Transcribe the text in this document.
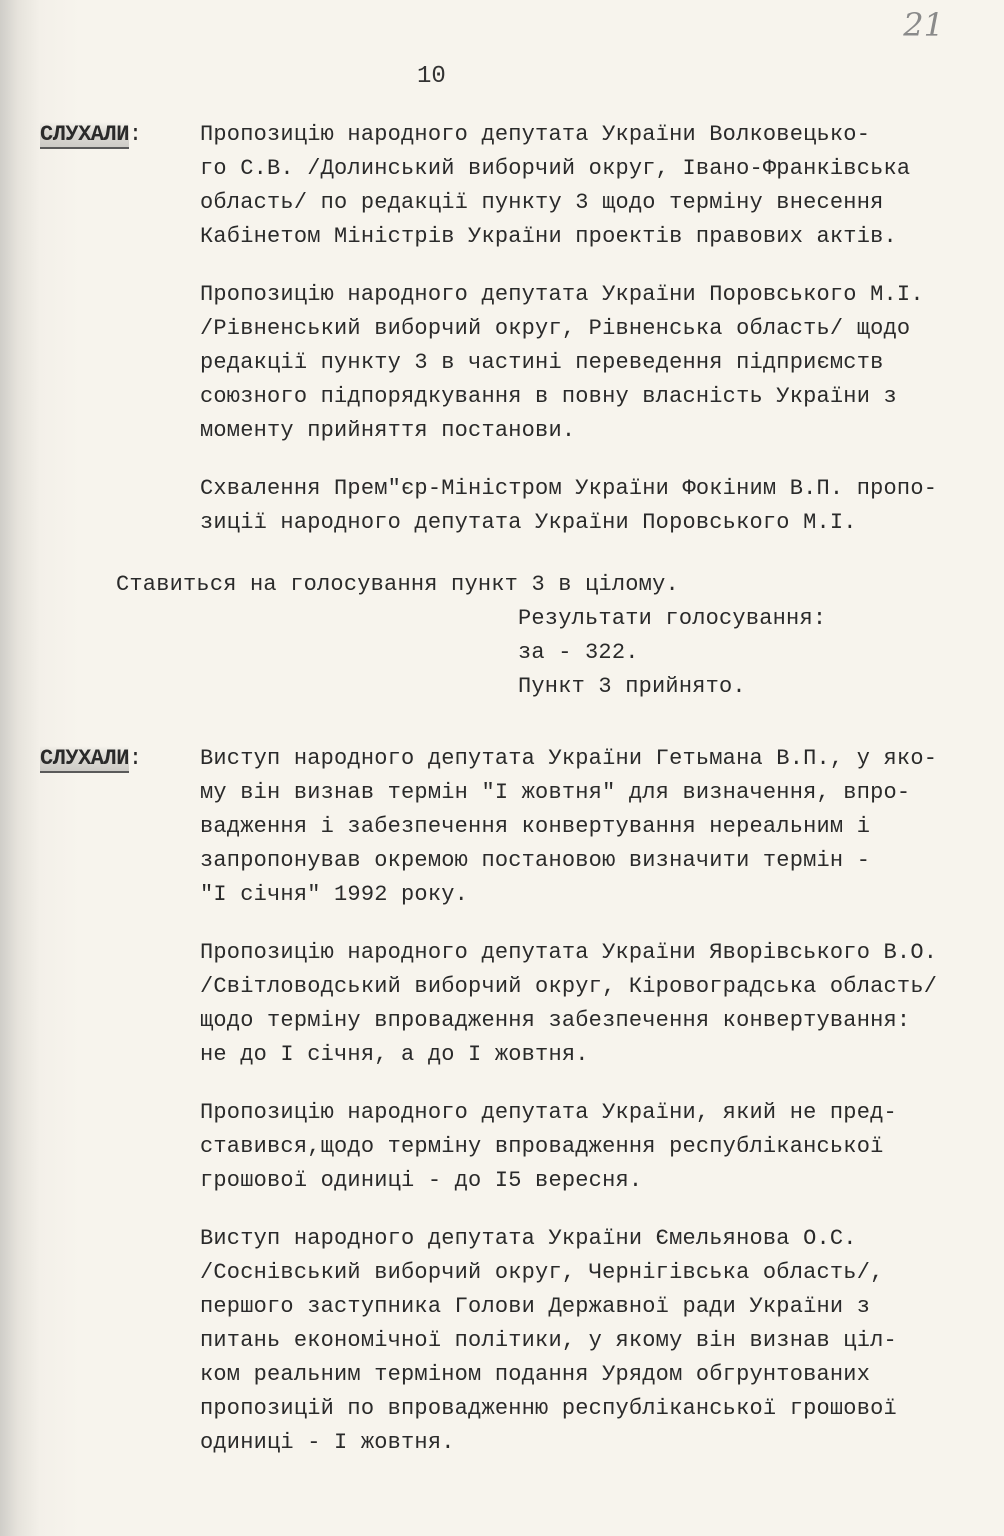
21
10
СЛУХАЛИ:	Пропозицію народного депутата України Волковецько-
го С.В. /Долинський виборчий округ, Івано-Франківська
область/ по редакції пункту 3 щодо терміну внесення
Кабінетом Міністрів України проектів правових актів.
Пропозицію народного депутата України Поровського М.І.
/Рівненський виборчий округ, Рівненська область/ щодо
редакції пункту 3 в частині переведення підприємств
союзного підпорядкування в повну власність України з
моменту прийняття постанови.
Схвалення Прем"єр-Міністром України Фокіним В.П. пропо-
зиції народного депутата України Поровського М.І.
Ставиться на голосування пункт 3 в цілому.
Результати голосування:
за - 322.
Пункт 3 прийнято.
СЛУХАЛИ:	Виступ народного депутата України Гетьмана В.П., у яко-
му він визнав термін "І жовтня" для визначення, впро-
вадження і забезпечення конвертування нереальним і
запропонував окремою постановою визначити термін -
"І січня" 1992 року.
Пропозицію народного депутата України Яворівського В.О.
/Світловодський виборчий округ, Кіровоградська область/
щодо терміну впровадження забезпечення конвертування:
не до І січня, а до І жовтня.
Пропозицію народного депутата України, який не пред-
ставився,щодо терміну впровадження республіканської
грошової одиниці - до І5 вересня.
Виступ народного депутата України Ємельянова О.С.
/Соснівський виборчий округ, Чернігівська область/,
першого заступника Голови Державної ради України з
питань економічної політики, у якому він визнав ціл-
ком реальним терміном подання Урядом обгрунтованих
пропозицій по впровадженню республіканської грошової
одиниці - І жовтня.
